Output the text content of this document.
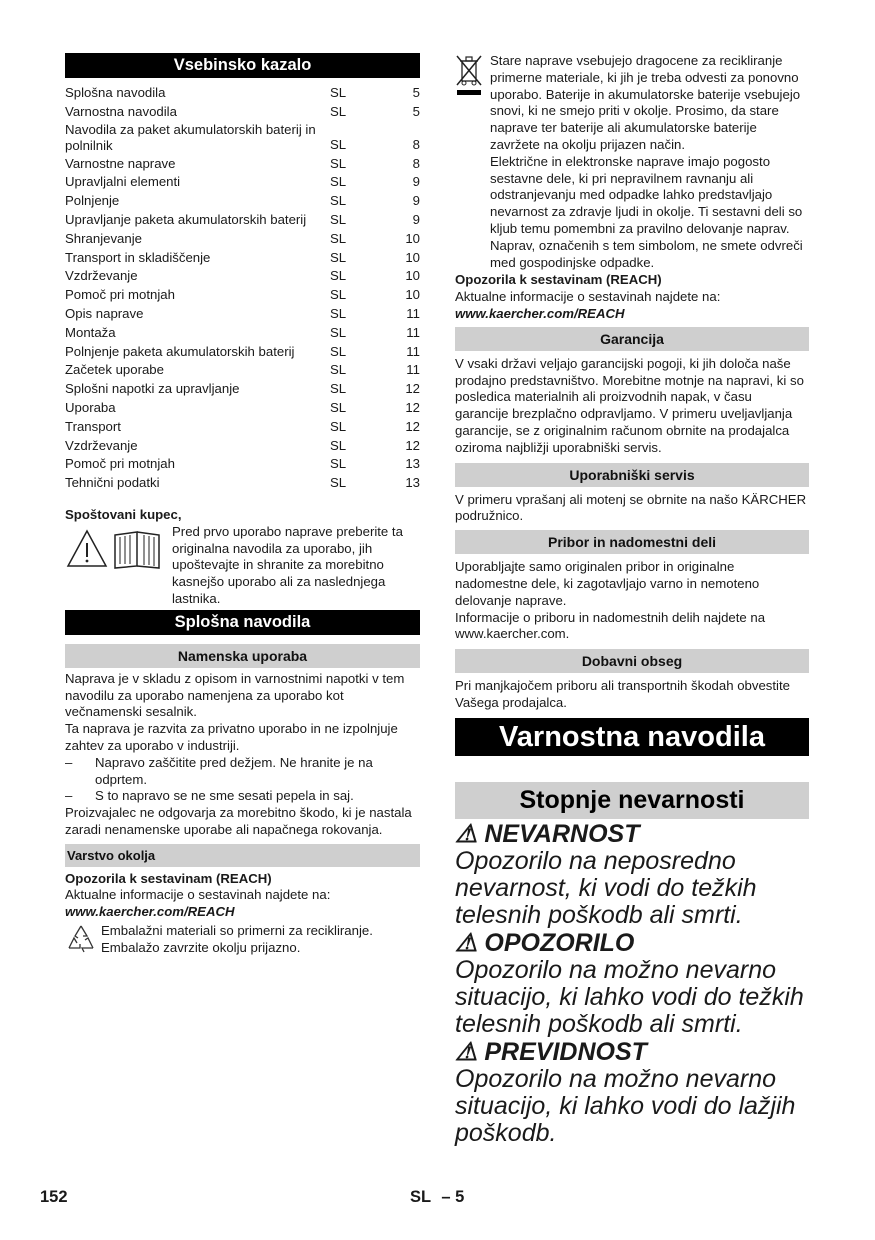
Vsebinsko kazalo
Splošna navodila	SL	5
Varnostna navodila	SL	5
Navodila za paket akumulatorskih baterij in polnilnik	SL	8
Varnostne naprave	SL	8
Upravljalni elementi	SL	9
Polnjenje	SL	9
Upravljanje paketa akumulatorskih baterij	SL	9
Shranjevanje	SL	10
Transport in skladiščenje	SL	10
Vzdrževanje	SL	10
Pomoč pri motnjah	SL	10
Opis naprave	SL	11
Montaža	SL	11
Polnjenje paketa akumulatorskih baterij	SL	11
Začetek uporabe	SL	11
Splošni napotki za upravljanje	SL	12
Uporaba	SL	12
Transport	SL	12
Vzdrževanje	SL	12
Pomoč pri motnjah	SL	13
Tehnični podatki	SL	13

Spoštovani kupec,

Pred prvo uporabo naprave preberite ta originalna navodila za uporabo, jih upoštevajte in shranite za morebitno kasnejšo uporabo ali za naslednjega lastnika.

Splošna navodila
Namenska uporaba

Naprava je v skladu z opisom in varnostnimi napotki v tem navodilu za uporabo namenjena za uporabo kot večnamenski sesalnik.

Ta naprava je razvita za privatno uporabo in ne izpolnjuje zahtev za uporabo v industriji.

–	Napravo zaščitite pred dežjem. Ne hranite je na odprtem.
–	S to napravo se ne sme sesati pepela in saj.

Proizvajalec ne odgovarja za morebitno škodo, ki je nastala zaradi nenamenske uporabe ali napačnega rokovanja.

Varstvo okolja

Opozorila k sestavinam (REACH)

Aktualne informacije o sestavinah najdete na:

www.kaercher.com/REACH

Embalažni materiali so primerni za recikliranje. Embalažo zavrzite okolju prijazno.

Stare naprave vsebujejo dragocene za recikliranje primerne materiale, ki jih je treba odvesti za ponovno uporabo. Baterije in akumulatorske baterije vsebujejo snovi, ki ne smejo priti v okolje. Prosimo, da stare naprave ter baterije ali akumulatorske baterije zavržete na okolju prijazen način.

Električne in elektronske naprave imajo pogosto sestavne dele, ki pri nepravilnem ravnanju ali odstranjevanju med odpadke lahko predstavljajo nevarnost za zdravje ljudi in okolje. Ti sestavni deli so kljub temu pomembni za pravilno delovanje naprav. Naprav, označenih s tem simbolom, ne smete odvreči med gospodinjske odpadke.

Opozorila k sestavinam (REACH)

Aktualne informacije o sestavinah najdete na:

www.kaercher.com/REACH

Garancija

V vsaki državi veljajo garancijski pogoji, ki jih določa naše prodajno predstavništvo. Morebitne motnje na napravi, ki so posledica materialnih ali proizvodnih napak, v času garancije brezplačno odpravljamo. V primeru uveljavljanja garancije, se z originalnim računom obrnite na prodajalca oziroma najbližji uporabniški servis.

Uporabniški servis

V primeru vprašanj ali motenj se obrnite na našo KÄRCHER podružnico.

Pribor in nadomestni deli

Uporabljajte samo originalen pribor in originalne nadomestne dele, ki zagotavljajo varno in nemoteno delovanje naprave.

Informacije o priboru in nadomestnih delih najdete na www.kaercher.com.

Dobavni obseg

Pri manjkajočem priboru ali transportnih škodah obvestite Vašega prodajalca.

Varnostna navodila
Stopnje nevarnosti
⚠ NEVARNOST

Opozorilo na neposredno nevarnost, ki vodi do težkih telesnih poškodb ali smrti.

⚠ OPOZORILO

Opozorilo na možno nevarno situacijo, ki lahko vodi do težkih telesnih poškodb ali smrti.

⚠ PREVIDNOST

Opozorilo na možno nevarno situacijo, ki lahko vodi do lažjih poškodb.

152	SL – 5
